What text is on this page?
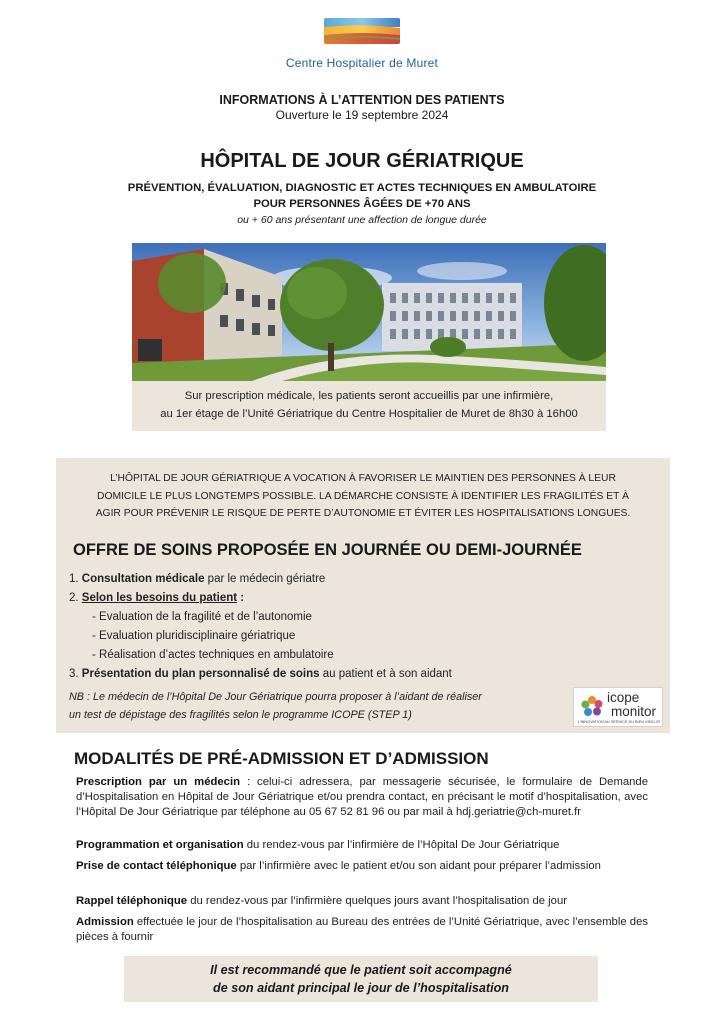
Centre Hospitalier de Muret
INFORMATIONS À L’ATTENTION DES PATIENTS
Ouverture le 19 septembre 2024
HÔPITAL DE JOUR GÉRIATRIQUE
PRÉVENTION, ÉVALUATION, DIAGNOSTIC ET ACTES TECHNIQUES EN AMBULATOIRE
POUR PERSONNES ÂGÉES DE +70 ANS
ou + 60 ans présentant une affection de longue durée
Sur prescription médicale, les patients seront accueillis par une infirmière,
au 1er étage de l’Unité Gériatrique du Centre Hospitalier de Muret de 8h30 à 16h00
L’HÔPITAL DE JOUR GÉRIATRIQUE A VOCATION À FAVORISER LE MAINTIEN DES PERSONNES À LEUR
DOMICILE LE PLUS LONGTEMPS POSSIBLE. LA DÉMARCHE CONSISTE À IDENTIFIER LES FRAGILITÉS ET À
AGIR POUR PRÉVENIR LE RISQUE DE PERTE D’AUTONOMIE ET ÉVITER LES HOSPITALISATIONS LONGUES.
OFFRE DE SOINS PROPOSÉE EN JOURNÉE OU DEMI-JOURNÉE
1. Consultation médicale par le médecin gériatre
2. Selon les besoins du patient :
- Evaluation de la fragilité et de l’autonomie
- Evaluation pluridisciplinaire gériatrique
- Réalisation d’actes techniques en ambulatoire
3. Présentation du plan personnalisé de soins au patient et à son aidant
NB : Le médecin de l’Hôpital De Jour Gériatrique pourra proposer à l’aidant de réaliser
un test de dépistage des fragilités selon le programme ICOPE (STEP 1)
icope
monitor
L’INNOVATION AU SERVICE DU BIEN VIEILLIR
MODALITÉS DE PRÉ-ADMISSION ET D’ADMISSION
Prescription par un médecin : celui-ci adressera, par messagerie sécurisée, le formulaire de Demande d’Hospitalisation en Hôpital de Jour Gériatrique et/ou prendra contact, en précisant le motif d’hospitalisation, avec l’Hôpital De Jour Gériatrique par téléphone au 05 67 52 81 96 ou par mail à hdj.geriatrie@ch-muret.fr
Programmation et organisation du rendez-vous par l’infirmière de l’Hôpital De Jour Gériatrique
Prise de contact téléphonique par l’infirmière avec le patient et/ou son aidant pour préparer l’admission
Rappel téléphonique du rendez-vous par l’infirmière quelques jours avant l’hospitalisation de jour
Admission effectuée le jour de l’hospitalisation au Bureau des entrées de l’Unité Gériatrique, avec l’ensemble des pièces à fournir
Il est recommandé que le patient soit accompagné
de son aidant principal le jour de l’hospitalisation
